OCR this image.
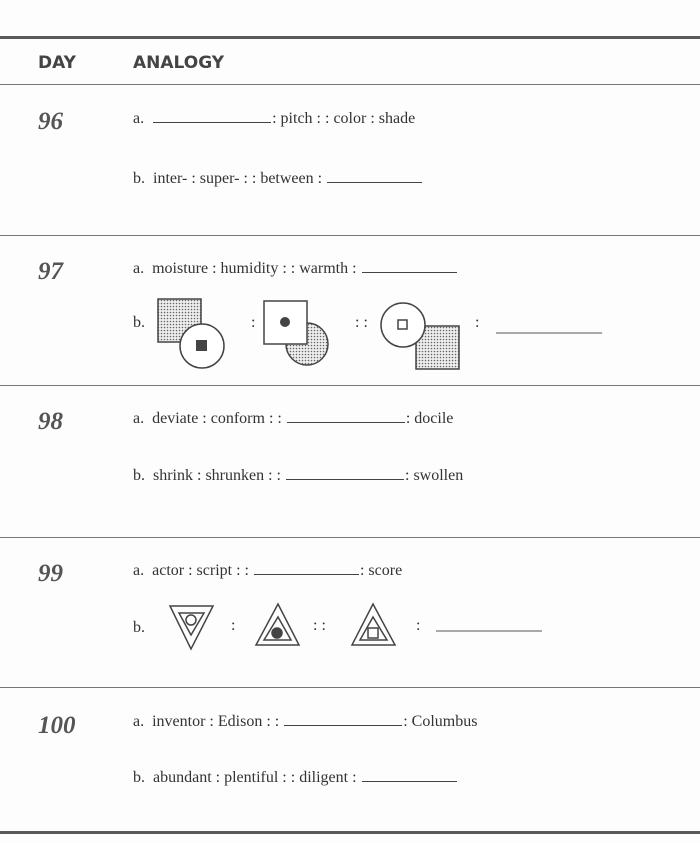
DAY	ANALOGY
96	a.	: pitch : : color : shade
b. inter- : super- : : between :
97	a. moisture : humidity : : warmth :
b.	:	: :	:
98	a. deviate : conform : :	: docile
b. shrink : shrunken : :	: swollen
99	a. actor : script : :	: score
b.	:	: :	:
100	a. inventor : Edison : :	: Columbus
b. abundant : plentiful : : diligent :
